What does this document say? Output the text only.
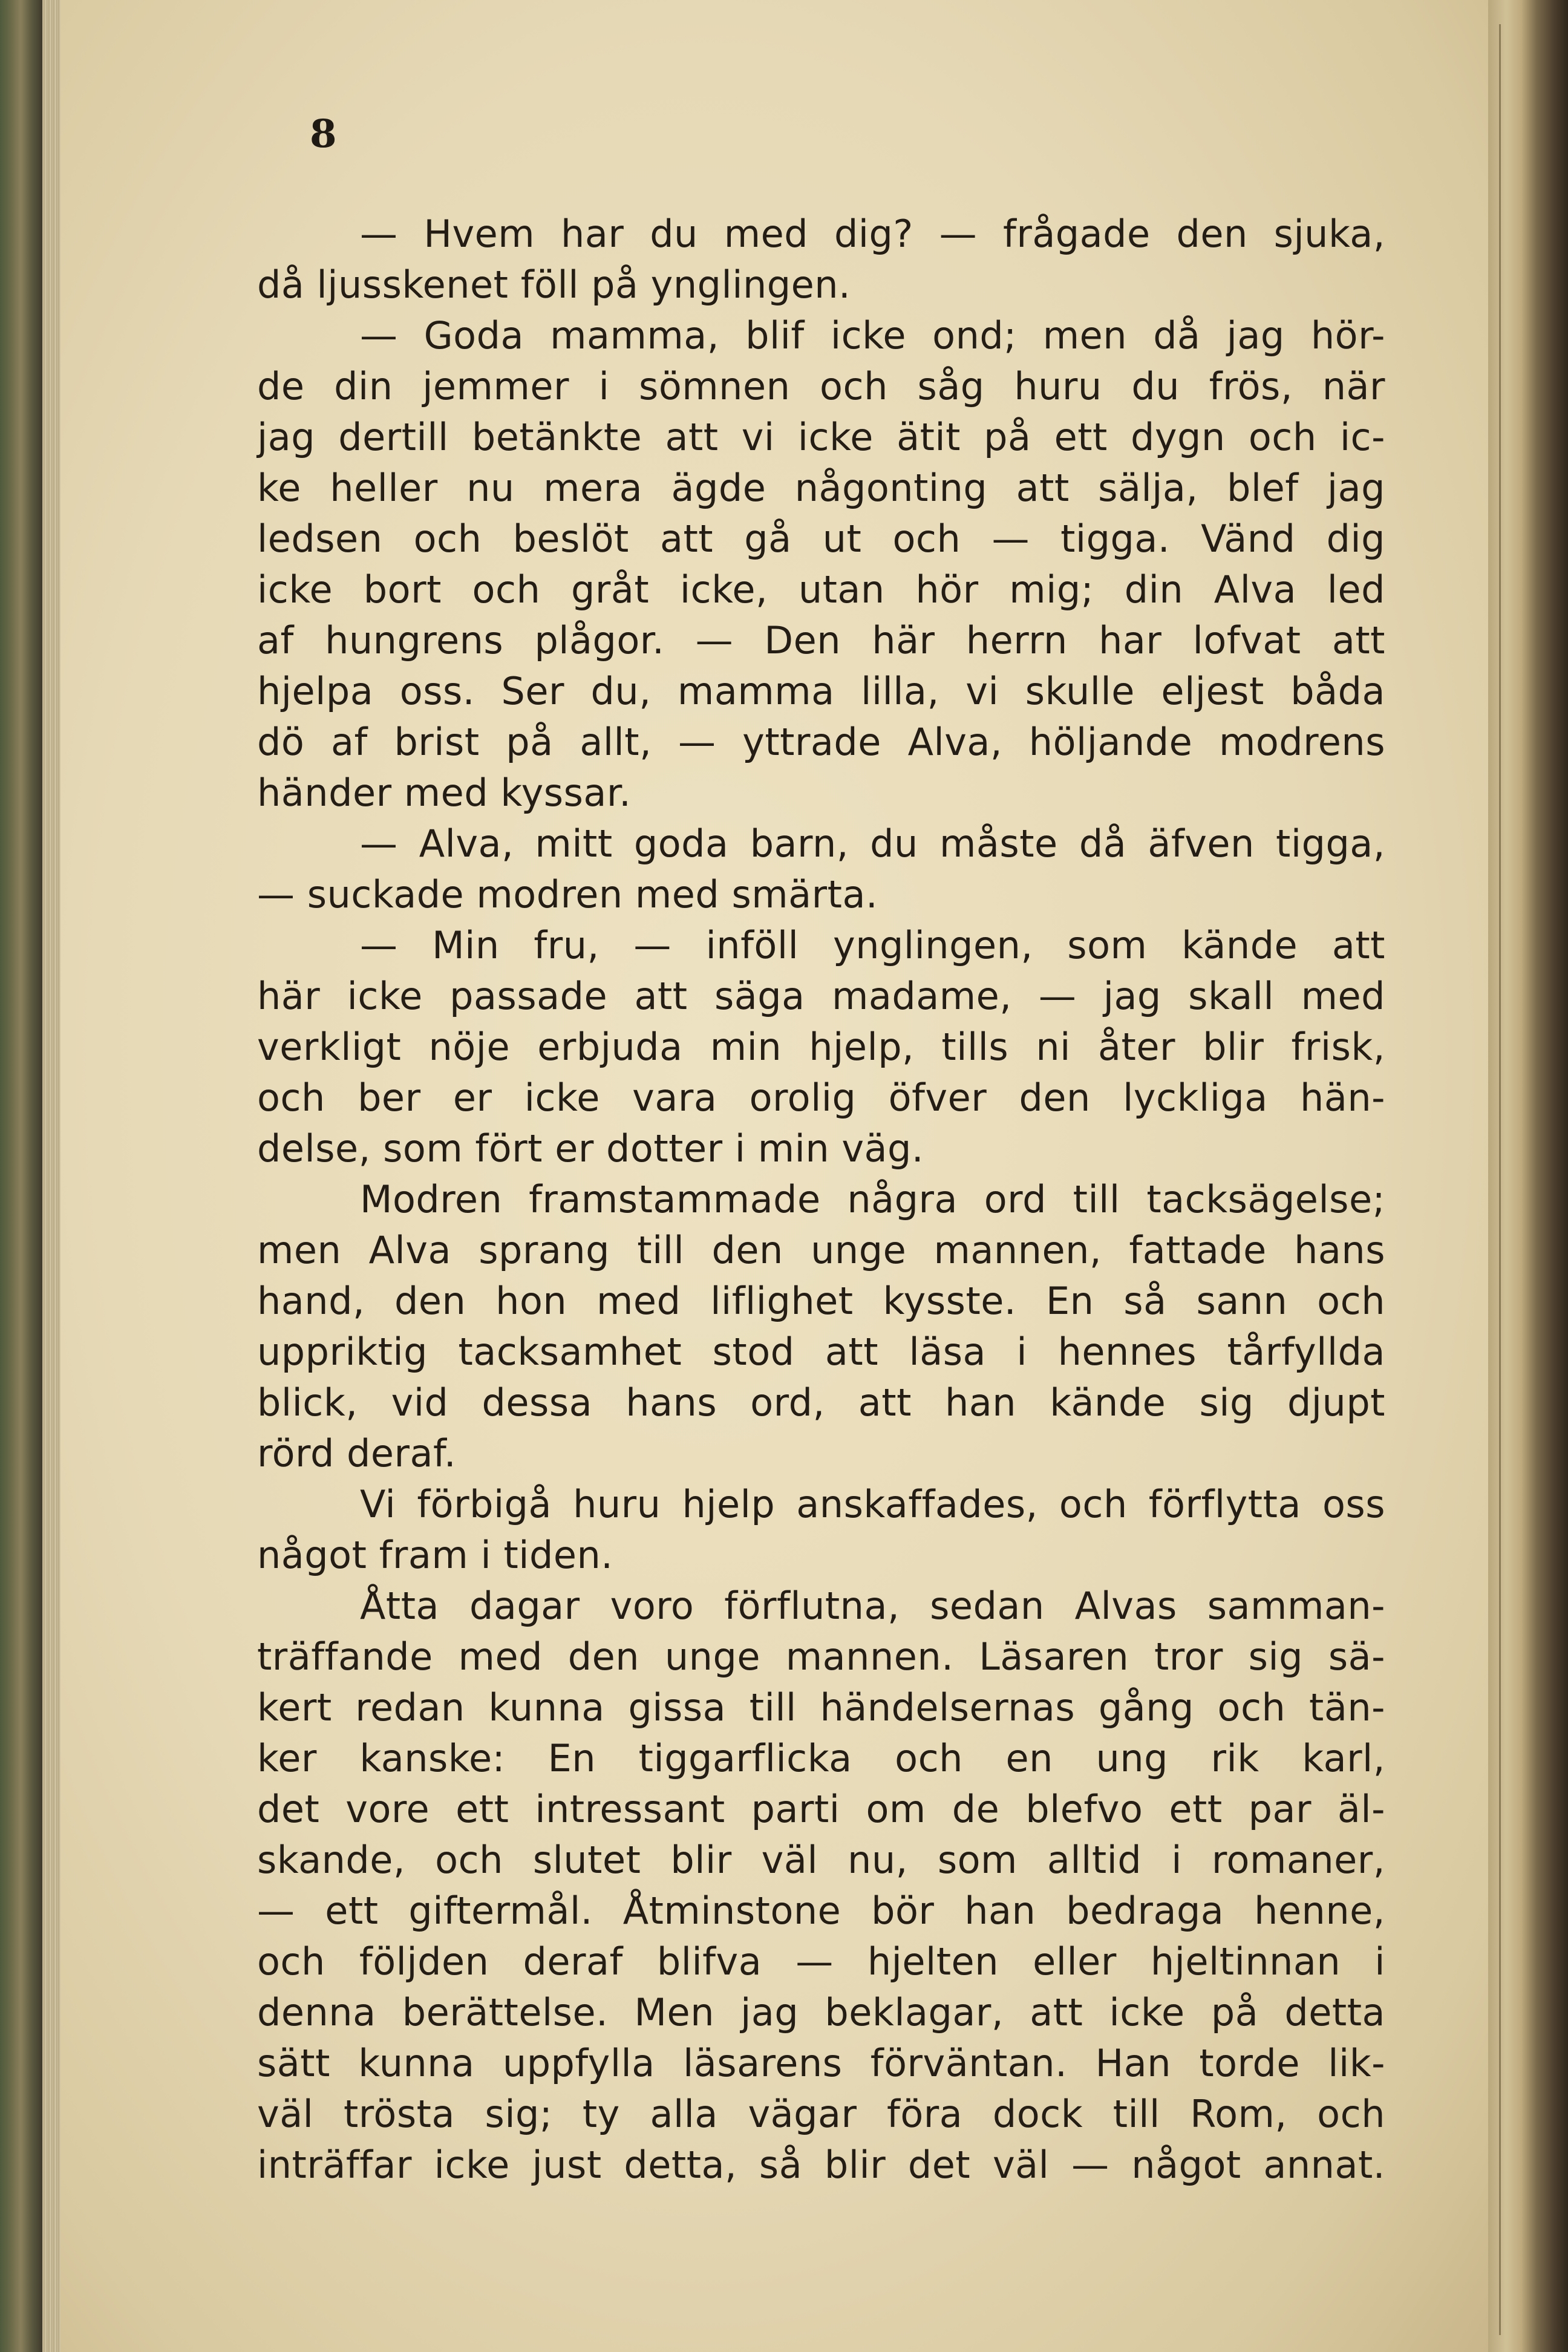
8
— Hvem har du med dig? — frågade den sjuka,
då ljusskenet föll på ynglingen.
— Goda mamma, blif icke ond; men då jag hör-
de din jemmer i sömnen och såg huru du frös, när
jag dertill betänkte att vi icke ätit på ett dygn och ic-
ke heller nu mera ägde någonting att sälja, blef jag
ledsen och beslöt att gå ut och — tigga. Vänd dig
icke bort och gråt icke, utan hör mig; din Alva led
af hungrens plågor. — Den här herrn har lofvat att
hjelpa oss. Ser du, mamma lilla, vi skulle eljest båda
dö af brist på allt, — yttrade Alva, höljande modrens
händer med kyssar.
— Alva, mitt goda barn, du måste då äfven tigga,
— suckade modren med smärta.
— Min fru, — inföll ynglingen, som kände att
här icke passade att säga madame, — jag skall med
verkligt nöje erbjuda min hjelp, tills ni åter blir frisk,
och ber er icke vara orolig öfver den lyckliga hän-
delse, som fört er dotter i min väg.
Modren framstammade några ord till tacksägelse;
men Alva sprang till den unge mannen, fattade hans
hand, den hon med liflighet kysste. En så sann och
uppriktig tacksamhet stod att läsa i hennes tårfyllda
blick, vid dessa hans ord, att han kände sig djupt
rörd deraf.
Vi förbigå huru hjelp anskaffades, och förflytta oss
något fram i tiden.
Åtta dagar voro förflutna, sedan Alvas samman-
träffande med den unge mannen. Läsaren tror sig sä-
kert redan kunna gissa till händelsernas gång och tän-
ker kanske: En tiggarflicka och en ung rik karl,
det vore ett intressant parti om de blefvo ett par äl-
skande, och slutet blir väl nu, som alltid i romaner,
— ett giftermål. Åtminstone bör han bedraga henne,
och följden deraf blifva — hjelten eller hjeltinnan i
denna berättelse. Men jag beklagar, att icke på detta
sätt kunna uppfylla läsarens förväntan. Han torde lik-
väl trösta sig; ty alla vägar föra dock till Rom, och
inträffar icke just detta, så blir det väl — något annat.
